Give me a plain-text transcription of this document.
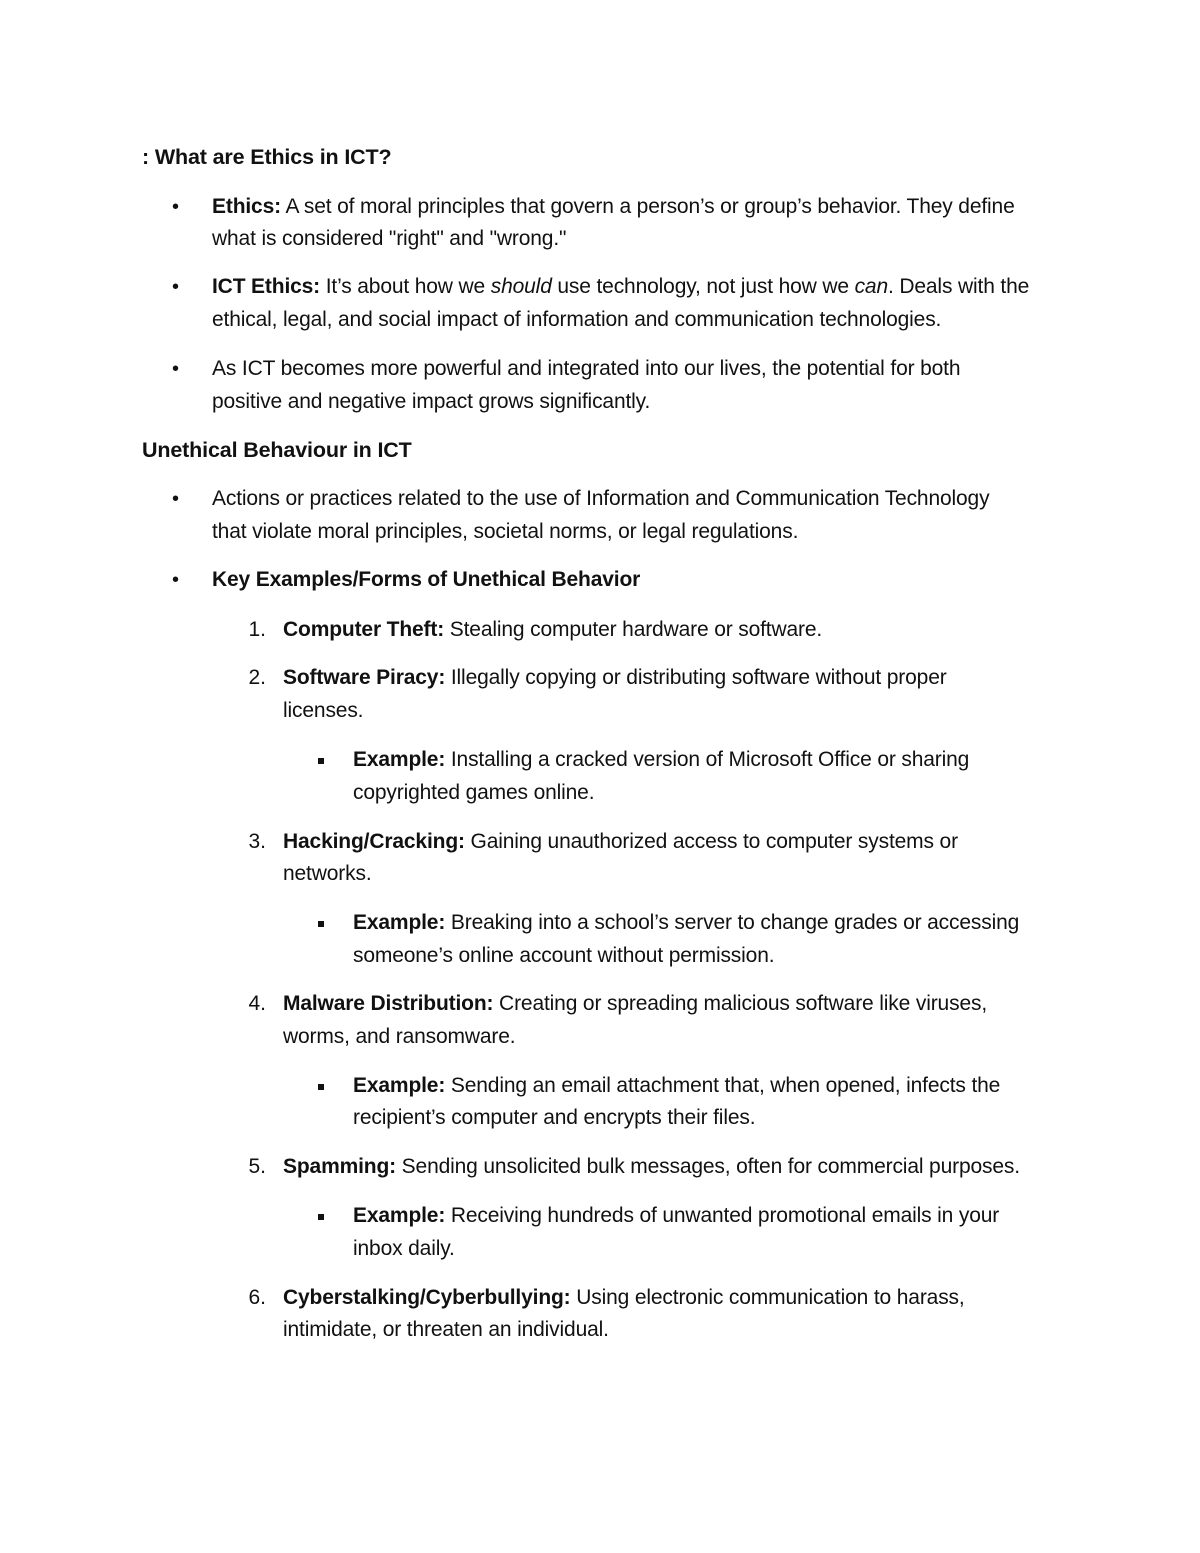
: What are Ethics in ICT?
• Ethics: A set of moral principles that govern a person’s or group’s behavior. They define
what is considered "right" and "wrong."
• ICT Ethics: It’s about how we should use technology, not just how we can. Deals with the
ethical, legal, and social impact of information and communication technologies.
• As ICT becomes more powerful and integrated into our lives, the potential for both
positive and negative impact grows significantly.
Unethical Behaviour in ICT
• Actions or practices related to the use of Information and Communication Technology
that violate moral principles, societal norms, or legal regulations.
• Key Examples/Forms of Unethical Behavior
1. Computer Theft: Stealing computer hardware or software.
2. Software Piracy: Illegally copying or distributing software without proper
licenses.
Example: Installing a cracked version of Microsoft Office or sharing
copyrighted games online.
3. Hacking/Cracking: Gaining unauthorized access to computer systems or
networks.
Example: Breaking into a school’s server to change grades or accessing
someone’s online account without permission.
4. Malware Distribution: Creating or spreading malicious software like viruses,
worms, and ransomware.
Example: Sending an email attachment that, when opened, infects the
recipient’s computer and encrypts their files.
5. Spamming: Sending unsolicited bulk messages, often for commercial purposes.
Example: Receiving hundreds of unwanted promotional emails in your
inbox daily.
6. Cyberstalking/Cyberbullying: Using electronic communication to harass,
intimidate, or threaten an individual.
